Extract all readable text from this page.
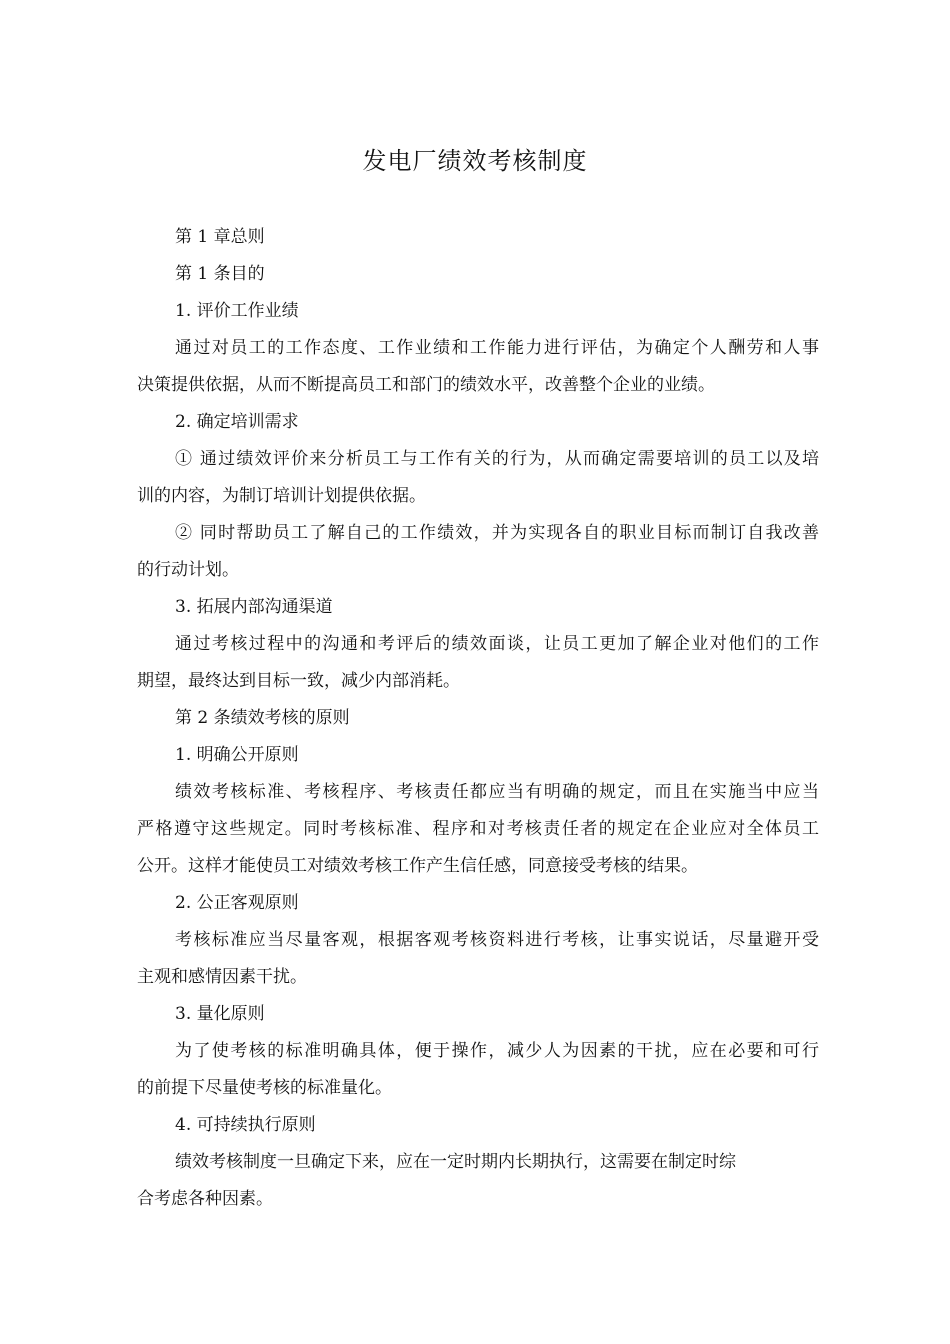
发电厂绩效考核制度
第 1 章总则
第 1 条目的
1. 评价工作业绩
通过对员工的工作态度、工作业绩和工作能力进行评估，为确定个人酬劳和人事
决策提供依据，从而不断提高员工和部门的绩效水平，改善整个企业的业绩。
2. 确定培训需求
① 通过绩效评价来分析员工与工作有关的行为，从而确定需要培训的员工以及培
训的内容，为制订培训计划提供依据。
② 同时帮助员工了解自己的工作绩效，并为实现各自的职业目标而制订自我改善
的行动计划。
3. 拓展内部沟通渠道
通过考核过程中的沟通和考评后的绩效面谈，让员工更加了解企业对他们的工作
期望，最终达到目标一致，减少内部消耗。
第 2 条绩效考核的原则
1. 明确公开原则
绩效考核标准、考核程序、考核责任都应当有明确的规定，而且在实施当中应当
严格遵守这些规定。同时考核标准、程序和对考核责任者的规定在企业应对全体员工
公开。这样才能使员工对绩效考核工作产生信任感，同意接受考核的结果。
2. 公正客观原则
考核标准应当尽量客观，根据客观考核资料进行考核，让事实说话，尽量避开受
主观和感情因素干扰。
3. 量化原则
为了使考核的标准明确具体，便于操作，减少人为因素的干扰，应在必要和可行
的前提下尽量使考核的标准量化。
4. 可持续执行原则
绩效考核制度一旦确定下来，应在一定时期内长期执行，这需要在制定时综
合考虑各种因素。
